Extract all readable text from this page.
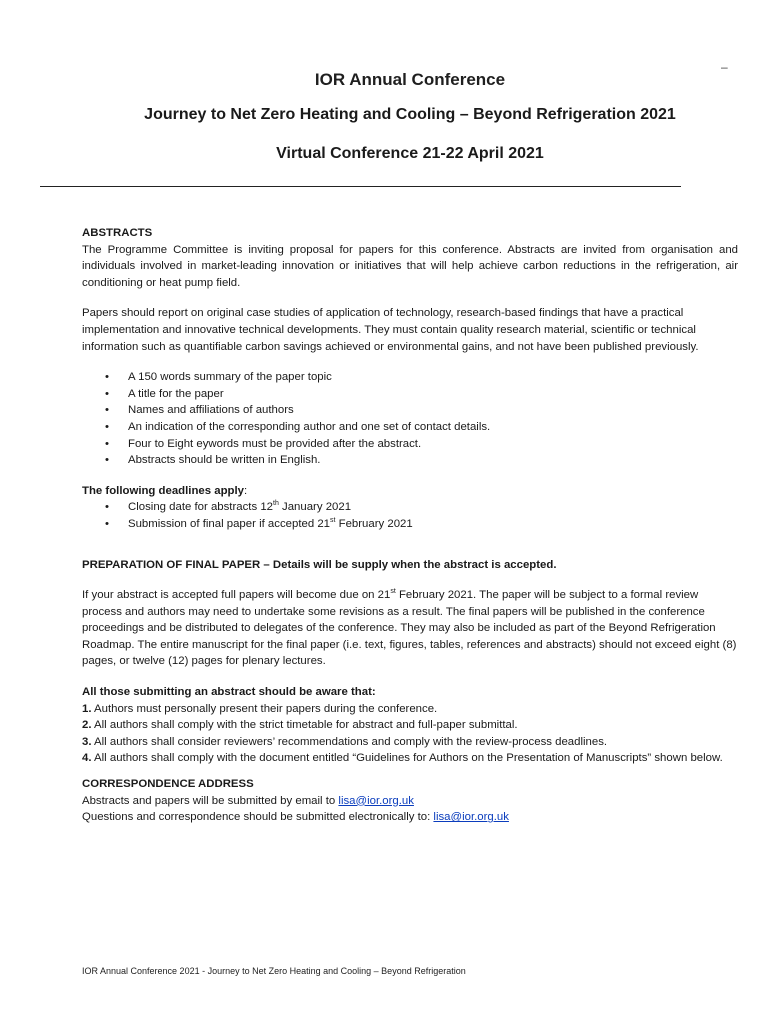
–
IOR Annual Conference
Journey to Net Zero Heating and Cooling – Beyond Refrigeration 2021
Virtual Conference 21-22 April 2021

ABSTRACTS

The Programme Committee is inviting proposal for papers for this conference. Abstracts are invited from organisation and individuals involved in market-leading innovation or initiatives that will help achieve carbon reductions in the refrigeration, air conditioning or heat pump field.

Papers should report on original case studies of application of technology, research-based findings that have a practical implementation and innovative technical developments. They must contain quality research material, scientific or technical information such as quantifiable carbon savings achieved or environmental gains, and not have been published previously.

• A 150 words summary of the paper topic
• A title for the paper
• Names and affiliations of authors
• An indication of the corresponding author and one set of contact details.
• Four to Eight eywords must be provided after the abstract.
• Abstracts should be written in English.

The following deadlines apply:

• Closing date for abstracts 12th January 2021
• Submission of final paper if accepted 21st February 2021

PREPARATION OF FINAL PAPER – Details will be supply when the abstract is accepted.

If your abstract is accepted full papers will become due on 21st February 2021. The paper will be subject to a formal review process and authors may need to undertake some revisions as a result. The final papers will be published in the conference proceedings and be distributed to delegates of the conference. They may also be included as part of the Beyond Refrigeration Roadmap. The entire manuscript for the final paper (i.e. text, figures, tables, references and abstracts) should not exceed eight (8) pages, or twelve (12) pages for plenary lectures.

All those submitting an abstract should be aware that:

1. Authors must personally present their papers during the conference.

2. All authors shall comply with the strict timetable for abstract and full-paper submittal.

3. All authors shall consider reviewers’ recommendations and comply with the review-process deadlines.

4. All authors shall comply with the document entitled “Guidelines for Authors on the Presentation of Manuscripts” shown below.

CORRESPONDENCE ADDRESS

Abstracts and papers will be submitted by email to lisa@ior.org.uk

Questions and correspondence should be submitted electronically to: lisa@ior.org.uk

IOR Annual Conference 2021 - Journey to Net Zero Heating and Cooling – Beyond Refrigeration
